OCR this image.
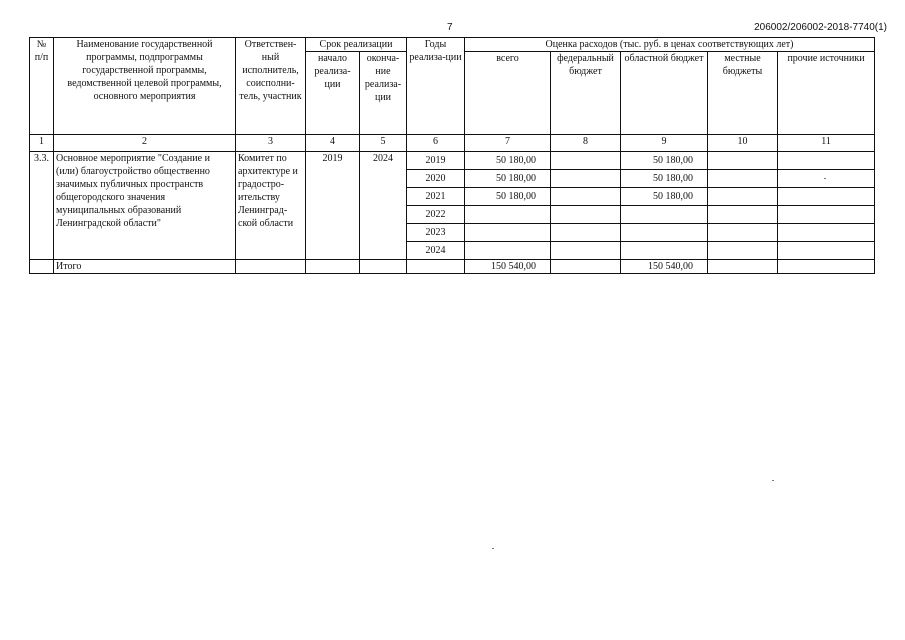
7	206002/206002-2018-7740(1)
№ п/п	Наименование государственной программы, подпрограммы государственной программы, ведомственной целевой программы, основного мероприятия	Ответствен-ный исполнитель, соисполни-тель, участник	Срок реализации		Годы реализа-ции	Оценка расходов (тыс. руб. в ценах соответствующих лет)				
			начало реализа-ции	оконча-ние реализа-ции		всего	федеральный бюджет	областной бюджет	местные бюджеты	прочие источники
1	2	3	4	5	6	7	8	9	10	11
3.3.	Основное мероприятие "Создание и (или) благоустройство общественно значимых публичных пространств общегородского значения муниципальных образований Ленинградской области"	Комитет по архитектуре и градостро-ительству Ленинград-ской области	2019	2024	2019	50 180,00		50 180,00		
					2020	50 180,00		50 180,00		
					2021	50 180,00		50 180,00		
					2022					
					2023					
					2024					
	Итого					150 540,00		150 540,00		
